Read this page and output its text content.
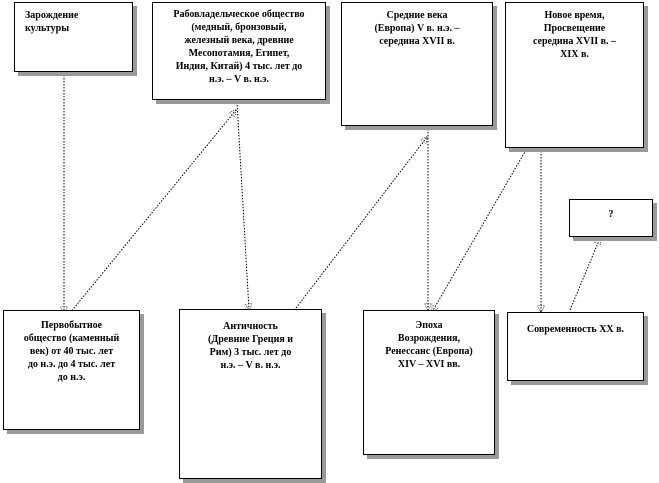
Зарождение
культуры
Рабовладельческое общество
(медный, бронзовый,
железный века, древние
Месопотамия, Египет,
Индия, Китай) 4 тыс. лет до
н.э. – V в. н.э.
Средние века
(Европа) V в. н.э. –
середина XVII в.
Новое время,
Просвещение
середина XVII в. –
XIX в.
?
Первобытное
общество (каменный
век) от 40 тыс. лет
до н.э. до 4 тыс. лет
до н.э.
Античность
(Древние Греция и
Рим) 3 тыс. лет до
н.э. – V в. н.э.
Эпоха
Возрождения,
Ренессанс (Европа)
XIV – XVI вв.
Современность XX в.
